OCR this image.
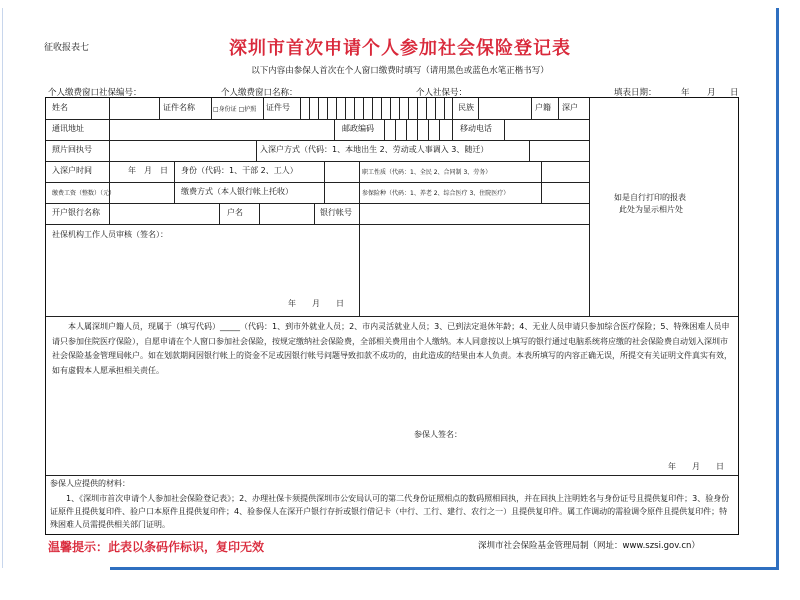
征收报表七	深圳市首次申请个人参加社会保险登记表
以下内容由参保人首次在个人窗口缴费时填写（请用黑色或蓝色水笔正楷书写）
个人缴费窗口社保编号：	个人缴费窗口名称：	个人社保号：	填表日期：	年 月 日
姓名	证件名称	□身份证 □护照 证件号	民族	户籍 深户
通讯地址	邮政编码	移动电话
照片回执号	入深户方式（代码：1、本地出生 2、劳动或人事调入 3、随迁）
入深户时间	年　月　日 身份（代码：1、干部 2、工人）	职工性质（代码：1、全民 2、合同制 3、劳务）
缴费工资（整数）（元）	缴费方式（本人银行帐上托收）	参保险种（代码：1、养老 2、综合医疗 3、住院医疗）
开户银行名称	户名	银行帐号
社保机构工作人员审核（签名）：
年　　月　　日
如是自行打印的报表
此处为显示相片处
本人属深圳户籍人员，现属于（填写代码）_____（代码：1、到市外就业人员；2、市内灵活就业人员；3、已到法定退休年龄；4、无业人员申请只参加综合医疗保险；5、特殊困难人员申请只参加住院医疗保险），自愿申请在个人窗口参加社会保险，按规定缴纳社会保险费，全部相关费用由个人缴纳。本人同意按以上填写的银行通过电脑系统将应缴的社会保险费自动划入深圳市社会保险基金管理局帐户。如在划款期间因银行帐上的资金不足或因银行帐号问题导致扣款不成功的，由此造成的结果由本人负责。本表所填写的内容正确无误，所提交有关证明文件真实有效，如有虚假本人愿承担相关责任。
参保人签名：
年　　月　　日
参保人应提供的材料：
1、《深圳市首次申请个人参加社会保险登记表》；2、办理社保卡须提供深圳市公安局认可的第二代身份证照相点的数码照相回执，并在回执上注明姓名与身份证号且提供复印件；3、验身份证原件且提供复印件、验户口本原件且提供复印件；4、验参保人在深开户银行存折或银行借记卡（中行、工行、建行、农行之一）且提供复印件。属工作调动的需验调令原件且提供复印件；特殊困难人员需提供相关部门证明。
温馨提示：此表以条码作标识，复印无效	深圳市社会保险基金管理局制（网址：www.szsi.gov.cn）
